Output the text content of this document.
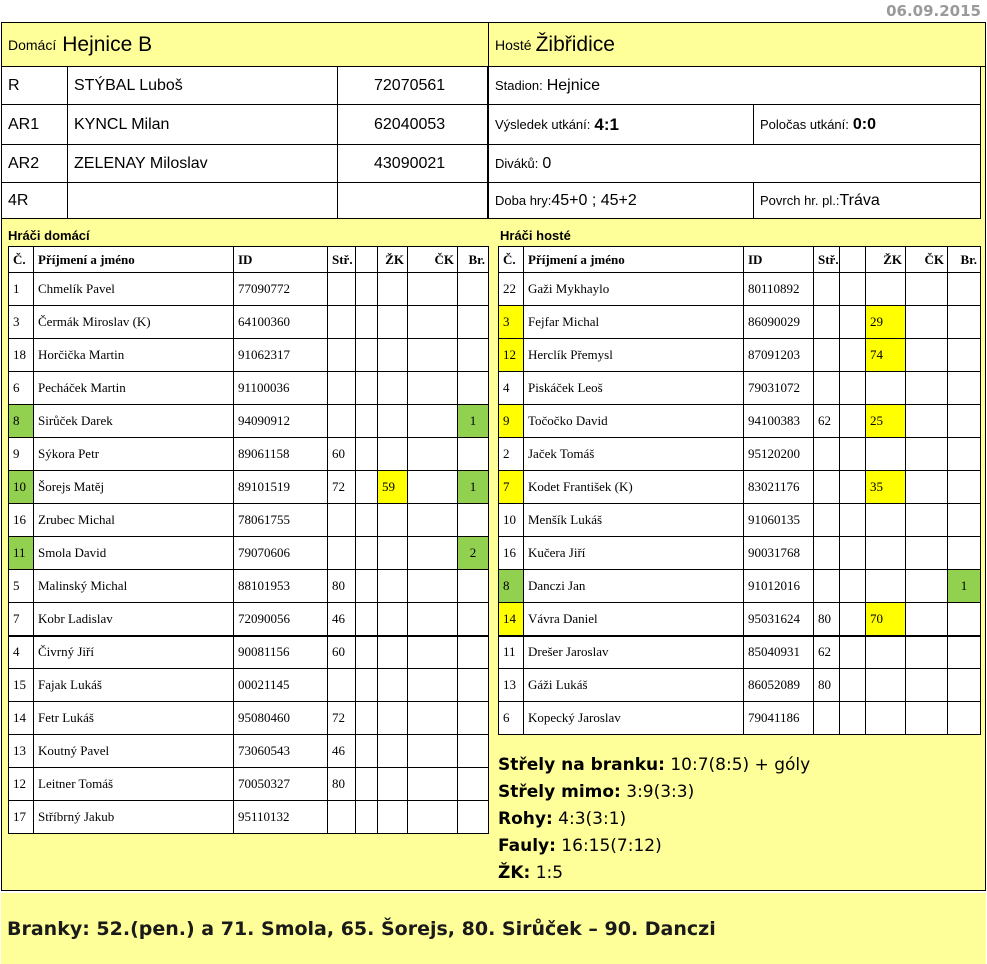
06.09.2015
Domácí Hejnice B	Hosté Žibřidice
R	STÝBAL Luboš	72070561
AR1	KYNCL Milan	62040053
AR2	ZELENAY Miloslav	43090021
4R
Stadion: Hejnice
Výsledek utkání: 4:1	Poločas utkání: 0:0
Diváků: 0
Doba hry: 45+0 ; 45+2	Povrch hr. pl.: Tráva
Hráči domácí	Hráči hosté
Č.	Příjmení a jméno	ID	Stř.		ŽK	ČK	Br.
1	Chmelík Pavel	77090772					
3	Čermák Miroslav (K)	64100360					
18	Horčička Martin	91062317					
6	Pecháček Martin	91100036					
8	Sirůček Darek	94090912					1
9	Sýkora Petr	89061158	60				
10	Šorejs Matěj	89101519	72		59		1
16	Zrubec Michal	78061755					
11	Smola David	79070606					2
5	Malinský Michal	88101953	80				
7	Kobr Ladislav	72090056	46				
4	Čivrný Jiří	90081156	60				
15	Fajak Lukáš	00021145					
14	Fetr Lukáš	95080460	72				
13	Koutný Pavel	73060543	46				
12	Leitner Tomáš	70050327	80				
17	Stříbrný Jakub	95110132					
Č.	Příjmení a jméno	ID	Stř.		ŽK	ČK	Br.
22	Gaži Mykhaylo	80110892					
3	Fejfar Michal	86090029			29		
12	Herclík Přemysl	87091203			74		
4	Piskáček Leoš	79031072					
9	Točočko David	94100383	62		25		
2	Jaček Tomáš	95120200					
7	Kodet František (K)	83021176			35		
10	Menšík Lukáš	91060135					
16	Kučera Jiří	90031768					
8	Danczi Jan	91012016					1
14	Vávra Daniel	95031624	80		70		
11	Drešer Jaroslav	85040931	62				
13	Gáži Lukáš	86052089	80				
6	Kopecký Jaroslav	79041186					
Střely na branku: 10:7(8:5) + góly
Střely mimo: 3:9(3:3)
Rohy: 4:3(3:1)
Fauly: 16:15(7:12)
ŽK: 1:5
Branky: 52.(pen.) a 71. Smola, 65. Šorejs, 80. Sirůček – 90. Danczi
